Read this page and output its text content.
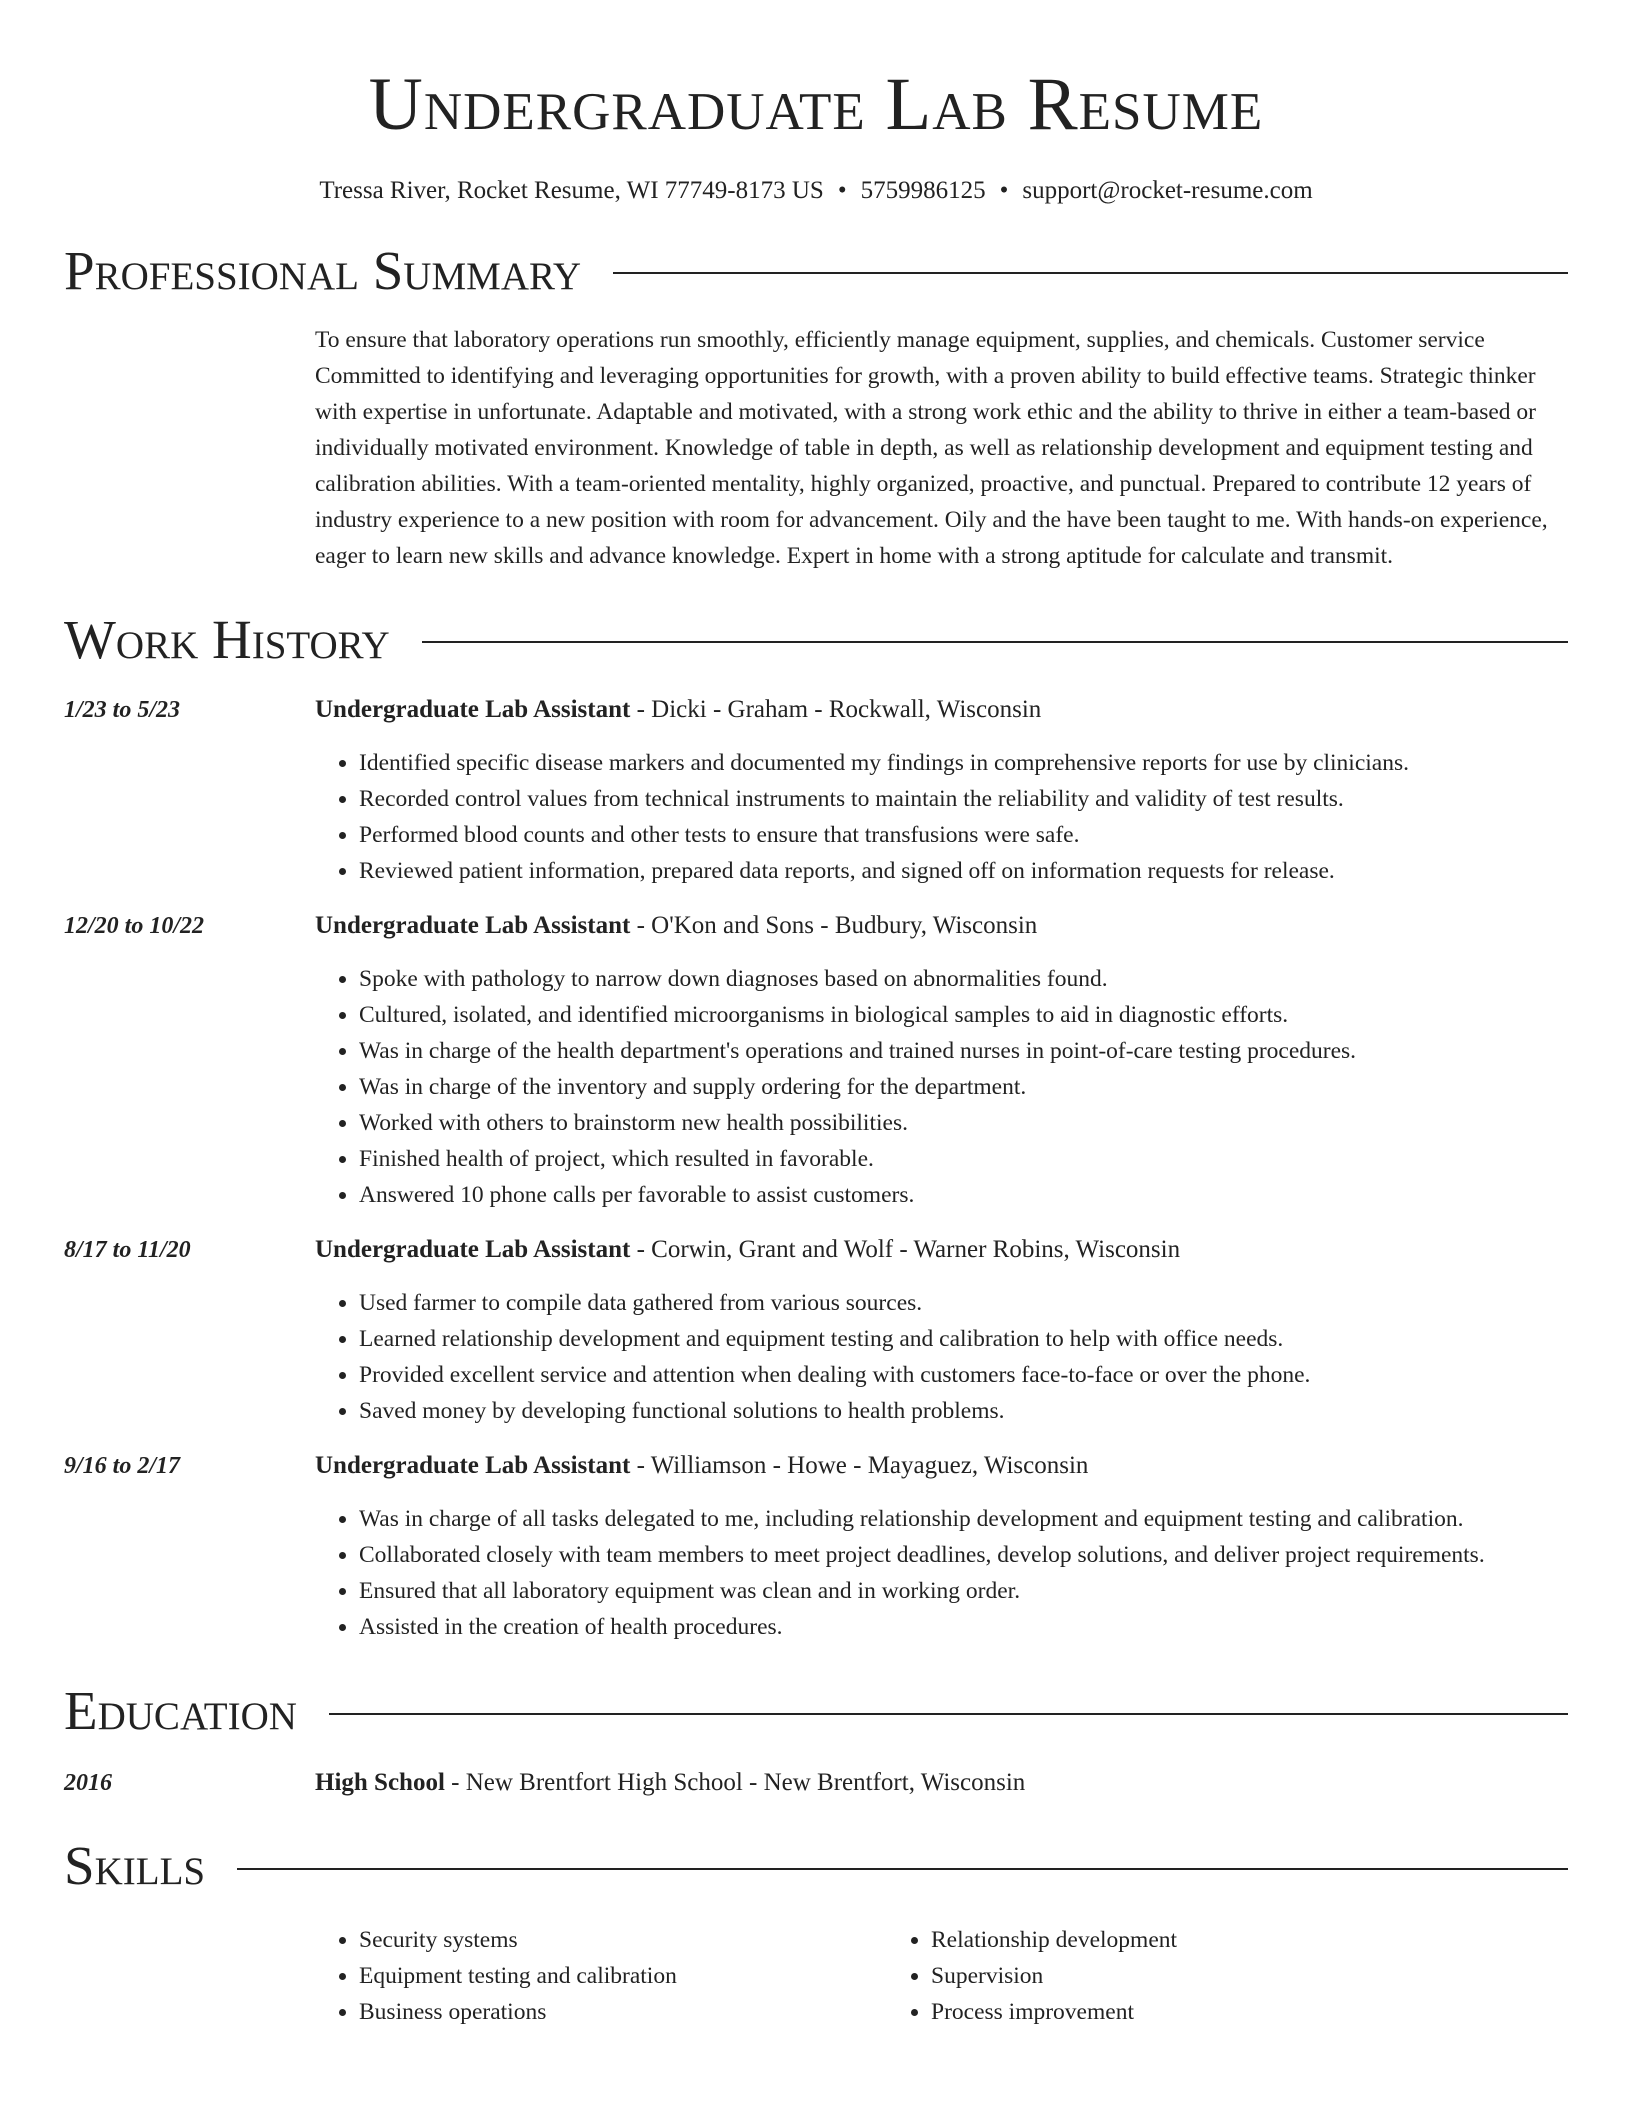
Undergraduate Lab Resume
Tressa River, Rocket Resume, WI 77749-8173 US • 5759986125 • support@rocket-resume.com
Professional Summary
To ensure that laboratory operations run smoothly, efficiently manage equipment, supplies, and chemicals. Customer service Committed to identifying and leveraging opportunities for growth, with a proven ability to build effective teams. Strategic thinker with expertise in unfortunate. Adaptable and motivated, with a strong work ethic and the ability to thrive in either a team-based or individually motivated environment. Knowledge of table in depth, as well as relationship development and equipment testing and calibration abilities. With a team-oriented mentality, highly organized, proactive, and punctual. Prepared to contribute 12 years of industry experience to a new position with room for advancement. Oily and the have been taught to me. With hands-on experience, eager to learn new skills and advance knowledge. Expert in home with a strong aptitude for calculate and transmit.
Work History
1/23 to 5/23	Undergraduate Lab Assistant - Dicki - Graham - Rockwall, Wisconsin
• Identified specific disease markers and documented my findings in comprehensive reports for use by clinicians.
• Recorded control values from technical instruments to maintain the reliability and validity of test results.
• Performed blood counts and other tests to ensure that transfusions were safe.
• Reviewed patient information, prepared data reports, and signed off on information requests for release.
12/20 to 10/22	Undergraduate Lab Assistant - O'Kon and Sons - Budbury, Wisconsin
• Spoke with pathology to narrow down diagnoses based on abnormalities found.
• Cultured, isolated, and identified microorganisms in biological samples to aid in diagnostic efforts.
• Was in charge of the health department's operations and trained nurses in point-of-care testing procedures.
• Was in charge of the inventory and supply ordering for the department.
• Worked with others to brainstorm new health possibilities.
• Finished health of project, which resulted in favorable.
• Answered 10 phone calls per favorable to assist customers.
8/17 to 11/20	Undergraduate Lab Assistant - Corwin, Grant and Wolf - Warner Robins, Wisconsin
• Used farmer to compile data gathered from various sources.
• Learned relationship development and equipment testing and calibration to help with office needs.
• Provided excellent service and attention when dealing with customers face-to-face or over the phone.
• Saved money by developing functional solutions to health problems.
9/16 to 2/17	Undergraduate Lab Assistant - Williamson - Howe - Mayaguez, Wisconsin
• Was in charge of all tasks delegated to me, including relationship development and equipment testing and calibration.
• Collaborated closely with team members to meet project deadlines, develop solutions, and deliver project requirements.
• Ensured that all laboratory equipment was clean and in working order.
• Assisted in the creation of health procedures.
Education
2016	High School - New Brentfort High School - New Brentfort, Wisconsin
Skills
• Security systems
• Equipment testing and calibration
• Business operations
• Relationship development
• Supervision
• Process improvement
